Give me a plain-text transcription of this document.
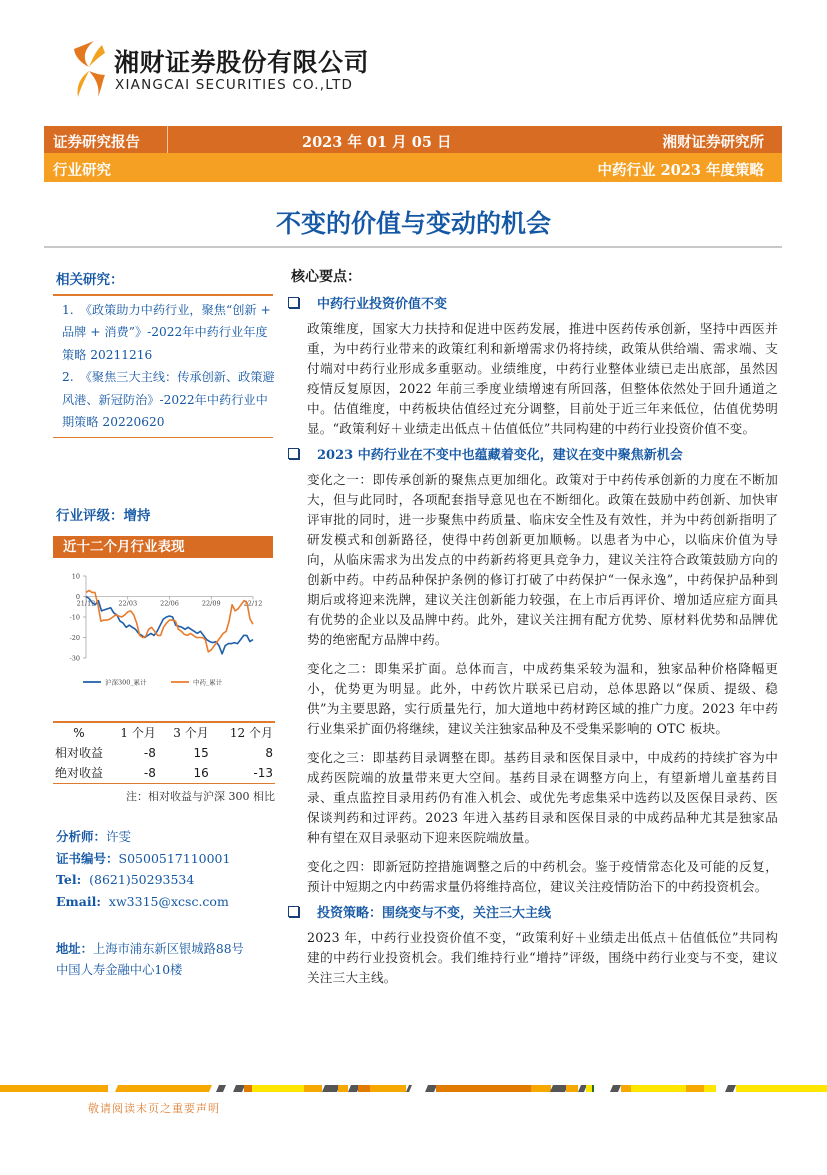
湘财证券股份有限公司
XIANGCAI SECURITIES CO.,LTD
证券研究报告	2023 年 01 月 05 日	湘财证券研究所
行业研究	中药行业 2023 年度策略
不变的价值与变动的机会
相关研究：

1.　《政策助力中药行业，聚焦“创新 + 品牌 + 消费”》-2022年中药行业年度策略 20211216

2.　《聚焦三大主线：传承创新、政策避风港、新冠防治》-2022年中药行业中期策略 20220620

行业评级：增持
近十二个月行业表现
10
0
-10
-20
-30
21/12	22/03	22/06	22/09	22/12
沪深300_累计	中药_累计
%	1 个月	3 个月	12 个月
相对收益	-8	15	8
绝对收益	-8	16	-13
注：相对收益与沪深 300 相比
分析师：许雯
证书编号：S0500517110001
Tel: (8621)50293534
Email: xw3315@xcsc.com
地址：上海市浦东新区银城路88号
中国人寿金融中心10楼
核心要点：
中药行业投资价值不变
政策维度，国家大力扶持和促进中医药发展，推进中医药传承创新，坚持中西医并重，为中药行业带来的政策红利和新增需求仍将持续，政策从供给端、需求端、支付端对中药行业形成多重驱动。业绩维度，中药行业整体业绩已走出底部，虽然因疫情反复原因，2022 年前三季度业绩增速有所回落，但整体依然处于回升通道之中。估值维度，中药板块估值经过充分调整，目前处于近三年来低位，估值优势明显。“政策利好＋业绩走出低点＋估值低位”共同构建的中药行业投资价值不变。
2023 中药行业在不变中也蕴藏着变化，建议在变中聚焦新机会
变化之一：即传承创新的聚焦点更加细化。政策对于中药传承创新的力度在不断加大，但与此同时，各项配套指导意见也在不断细化。政策在鼓励中药创新、加快审评审批的同时，进一步聚焦中药质量、临床安全性及有效性，并为中药创新指明了研发模式和创新路径，使得中药创新更加顺畅。以患者为中心，以临床价值为导向，从临床需求为出发点的中药新药将更具竞争力，建议关注符合政策鼓励方向的创新中药。中药品种保护条例的修订打破了中药保护“一保永逸”，中药保护品种到期后或将迎来洗牌，建议关注创新能力较强，在上市后再评价、增加适应症方面具有优势的企业以及品牌中药。此外，建议关注拥有配方优势、原材料优势和品牌优势的绝密配方品牌中药。
变化之二：即集采扩面。总体而言，中成药集采较为温和，独家品种价格降幅更小，优势更为明显。此外，中药饮片联采已启动，总体思路以“保质、提级、稳供”为主要思路，实行质量先行，加大道地中药材跨区域的推广力度。2023 年中药行业集采扩面仍将继续，建议关注独家品种及不受集采影响的 OTC 板块。
变化之三：即基药目录调整在即。基药目录和医保目录中，中成药的持续扩容为中成药医院端的放量带来更大空间。基药目录在调整方向上，有望新增儿童基药目录、重点监控目录用药仍有准入机会、或优先考虑集采中选药以及医保目录药、医保谈判药和过评药。2023 年进入基药目录和医保目录的中成药品种尤其是独家品种有望在双目录驱动下迎来医院端放量。
变化之四：即新冠防控措施调整之后的中药机会。鉴于疫情常态化及可能的反复，预计中短期之内中药需求量仍将维持高位，建议关注疫情防治下的中药投资机会。
投资策略：围绕变与不变，关注三大主线
2023 年，中药行业投资价值不变，“政策利好＋业绩走出低点＋估值低位”共同构建的中药行业投资机会。我们维持行业“增持”评级，围绕中药行业变与不变，建议关注三大主线。
敬请阅读末页之重要声明
